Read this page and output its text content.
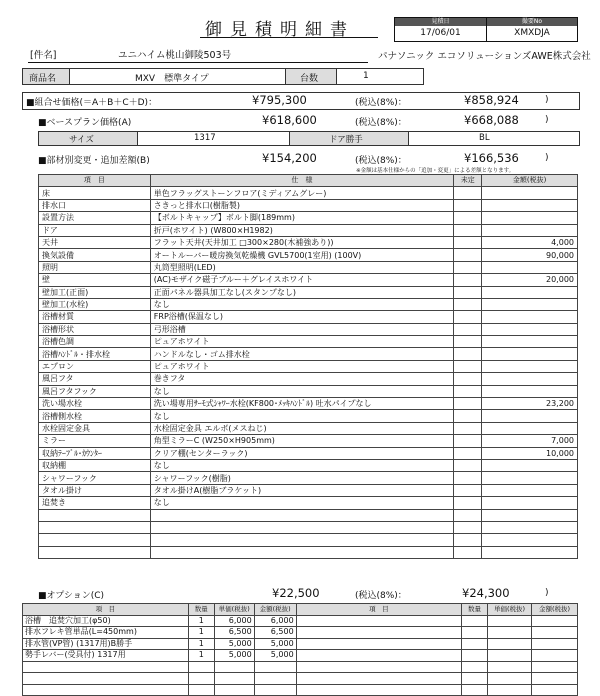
御見積明細書	見積日	撮要No
17/06/01	XMXDJA
[件名]	ユニハイム桃山御陵503号	パナソニック エコソリューションズAWE株式会社
商品名	MXV　標準タイプ	台数	1
■組合せ価格(＝A＋B＋C＋D)：	¥795,300	(税込(8%)：	¥858,924	)
■ベースプラン価格(A)	¥618,600	(税込(8%)：	¥668,088	)
サイズ	1317	ドア勝手	BL
■部材別変更・追加差額(B)	¥154,200	(税込(8%)：	¥166,536	)
※金額は基本仕様からの「追加・変更」による差額となります。
項　目	仕　様	未定	金額(税抜)
床	単色フラッグストーンフロア(ミディアムグレー)		
排水口	さきっと排水口(樹脂製)		
設置方法	【ボルトキャップ】ボルト脚(189mm)		
ドア	折戸(ホワイト) (W800×H1982)		
天井	フラット天井(天井加工 □300×280(木補強あり))		4,000
換気設備	オートルーバー暖房換気乾燥機 GVL5700(1室用) (100V)		90,000
照明	丸筒型照明(LED)		
壁	(AC)モザイク磁子ブルー＋グレイスホワイト		20,000
壁加工(正面)	正面パネル器具加工なし(スタンプなし)		
壁加工(水栓)	なし		
浴槽材質	FRP浴槽(保温なし)		
浴槽形状	弓形浴槽		
浴槽色調	ピュアホワイト		
浴槽ﾊﾝﾄﾞﾙ・排水栓	ハンドルなし・ゴム排水栓		
エプロン	ピュアホワイト		
風呂フタ	巻きフタ		
風呂フタフック	なし		
洗い場水栓	洗い場専用ｻｰﾓ式ｼｬﾜｰ水栓(KF800･ﾒｯｷﾊﾝﾄﾞﾙ) 吐水パイプなし		23,200
浴槽側水栓	なし		
水栓固定金具	水栓固定金具 エルボ(メスねじ)		
ミラー	角型ミラーC (W250×H905mm)		7,000
収納ﾃｰﾌﾞﾙ･ｶｳﾝﾀｰ	クリア棚(センターラック)		10,000
収納棚	なし		
シャワーフック	シャワーフック(樹脂)		
タオル掛け	タオル掛けA(樹脂ブラケット)		
追焚き	なし		

■オプション(C)	¥22,500	(税込(8%)：	¥24,300	)
項　目	数量	単価(税抜)	金額(税抜)	項　目	数量	単価(税抜)	金額(税抜)
浴槽　追焚穴加工(φ50)	1	6,000	6,000				
排水フレキ管単品(L=450mm)	1	6,500	6,500				
排水管(VP管) (1317用)B勝手	1	5,000	5,000				
勢手レバー(受具付) 1317用	1	5,000	5,000				
